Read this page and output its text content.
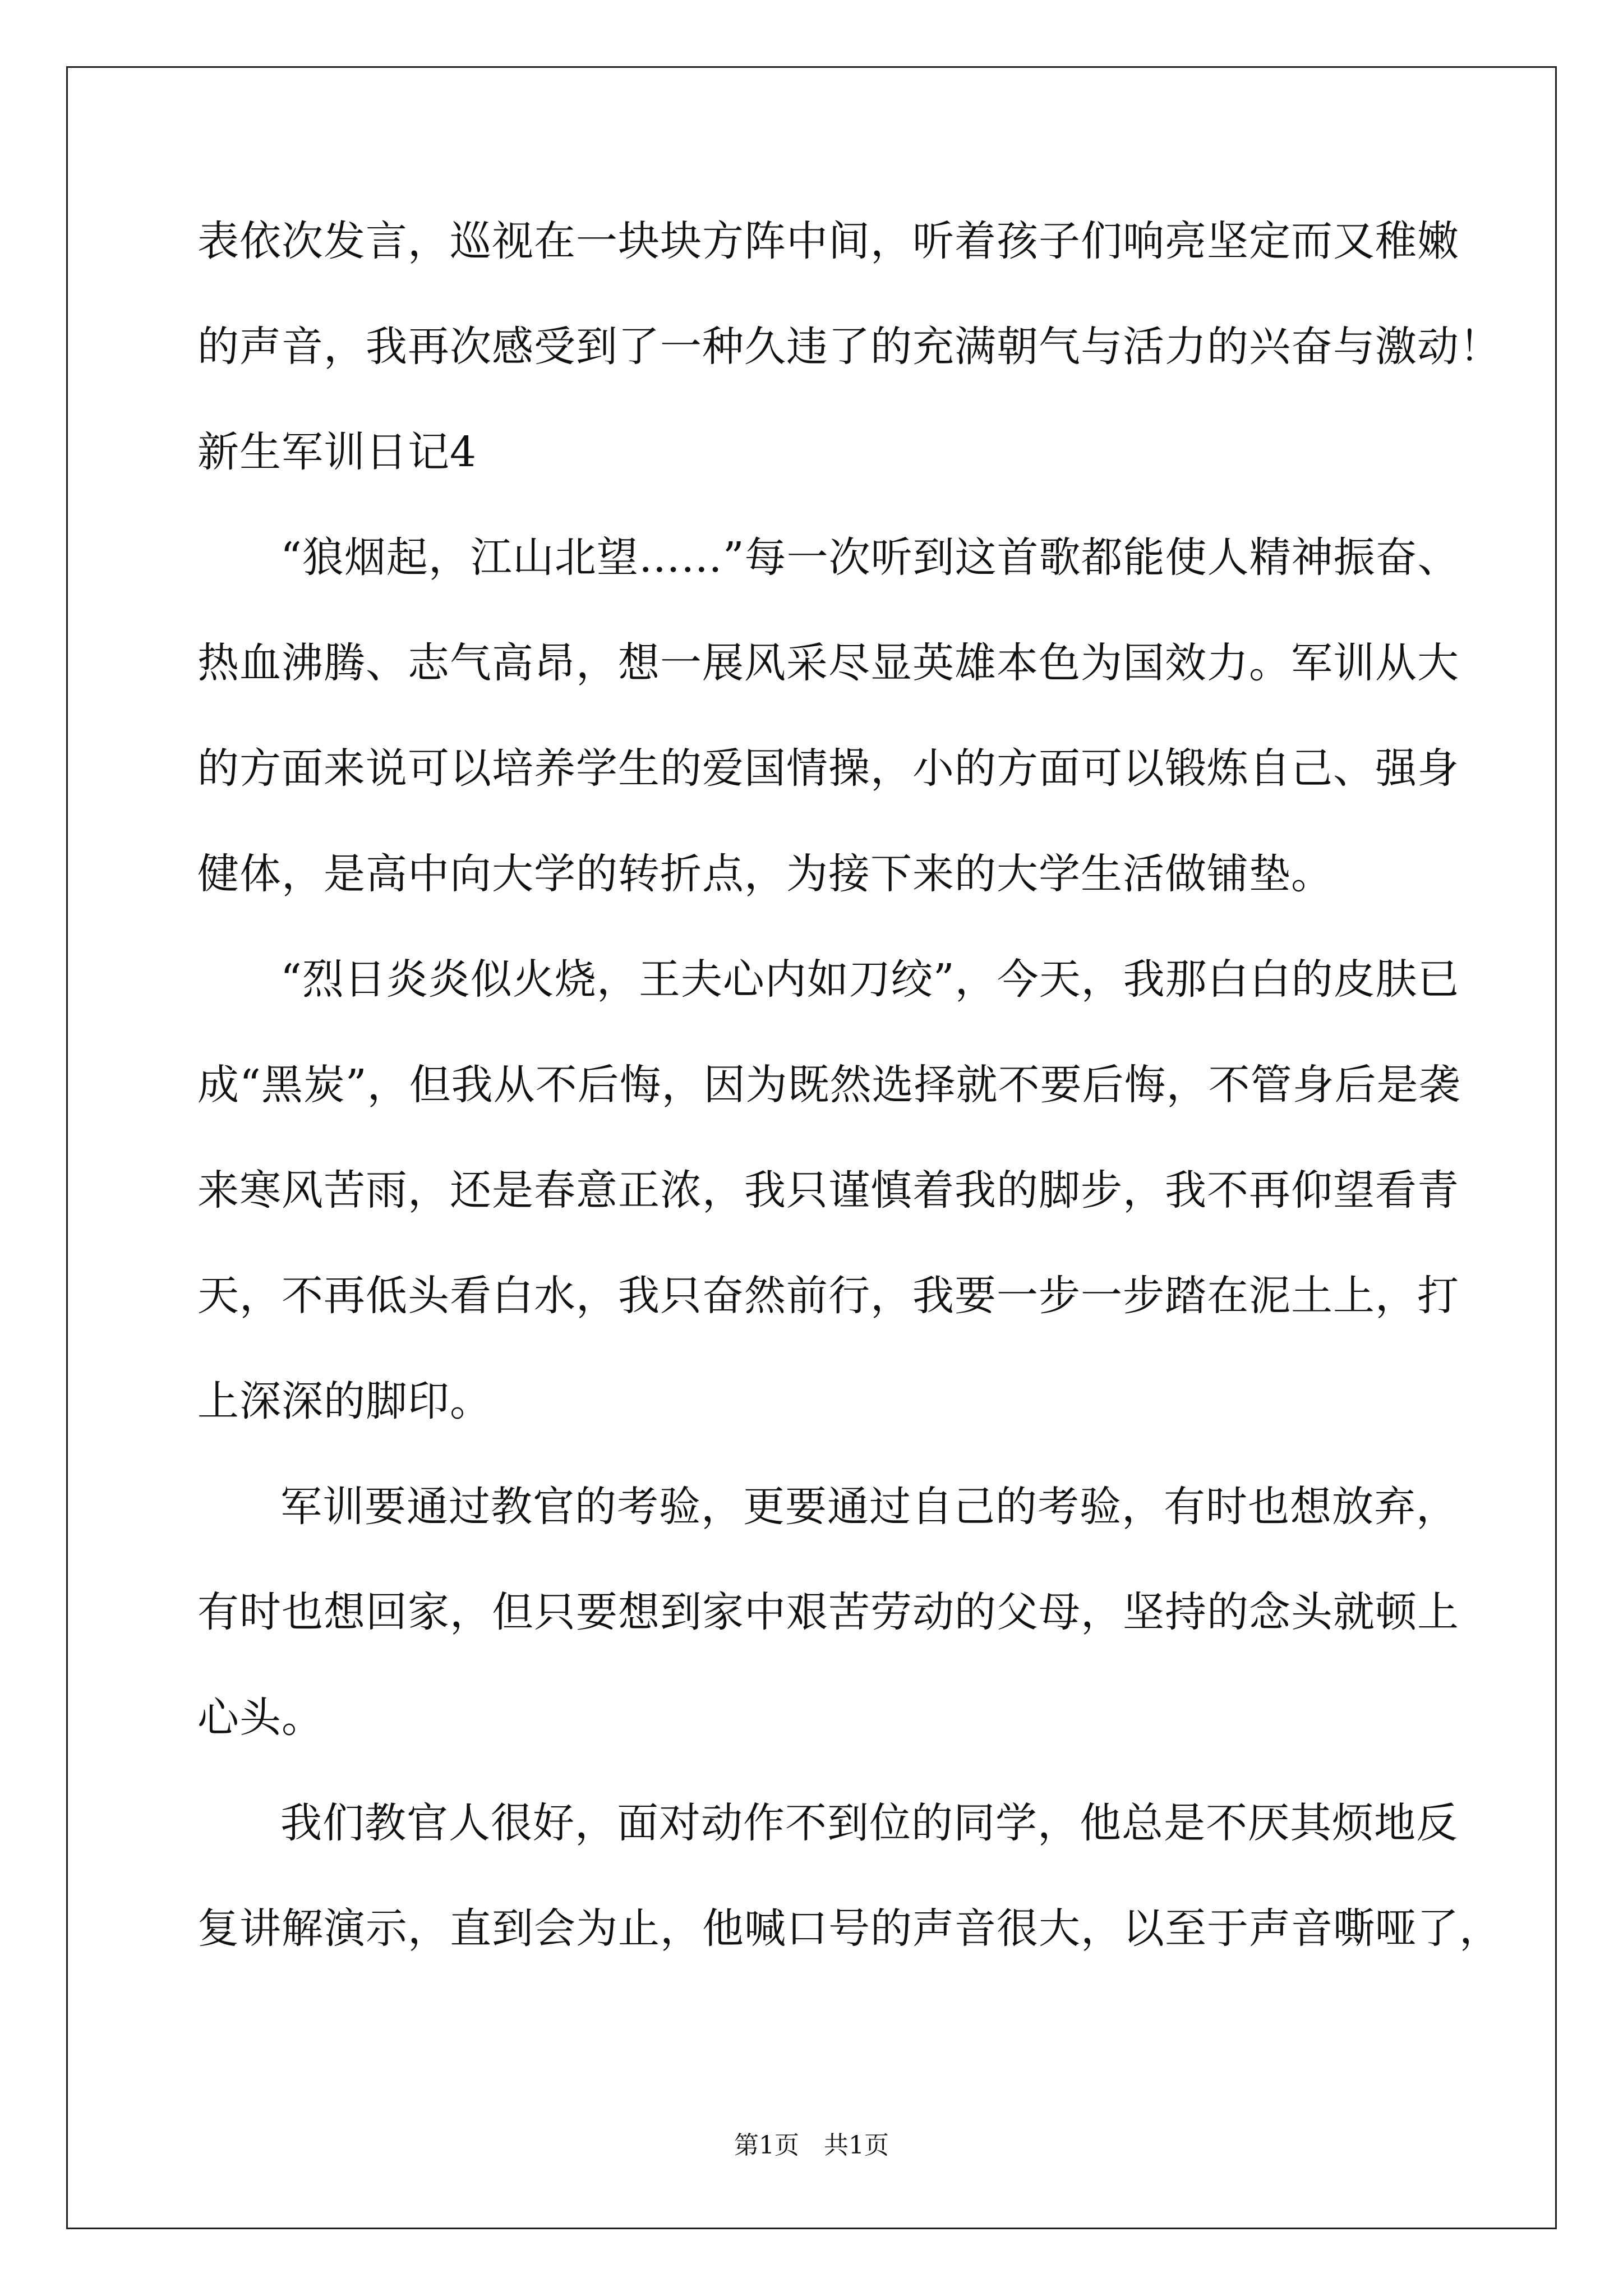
表依次发言，巡视在一块块方阵中间，听着孩子们响亮坚定而又稚嫩
的声音，我再次感受到了一种久违了的充满朝气与活力的兴奋与激动！
新生军训日记4
“狼烟起，江山北望……”每一次听到这首歌都能使人精神振奋、
热血沸腾、志气高昂，想一展风采尽显英雄本色为国效力。军训从大
的方面来说可以培养学生的爱国情操，小的方面可以锻炼自己、强身
健体，是高中向大学的转折点，为接下来的大学生活做铺垫。
“烈日炎炎似火烧，王夫心内如刀绞”，今天，我那白白的皮肤已
成“黑炭”，但我从不后悔，因为既然选择就不要后悔，不管身后是袭
来寒风苦雨，还是春意正浓，我只谨慎着我的脚步，我不再仰望看青
天，不再低头看白水，我只奋然前行，我要一步一步踏在泥土上，打
上深深的脚印。
军训要通过教官的考验，更要通过自己的考验，有时也想放弃，
有时也想回家，但只要想到家中艰苦劳动的父母，坚持的念头就顿上
心头。
我们教官人很好，面对动作不到位的同学，他总是不厌其烦地反
复讲解演示，直到会为止，他喊口号的声音很大，以至于声音嘶哑了，
第1页　共1页
